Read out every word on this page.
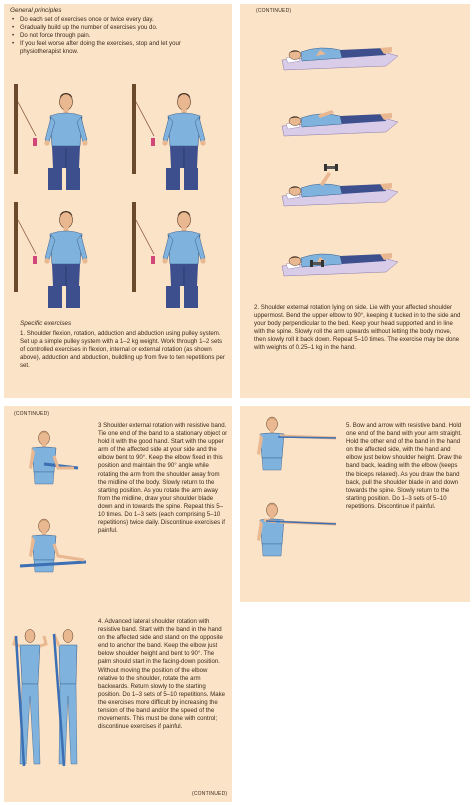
General principles
• Do each set of exercises once or twice every day.
• Gradually build up the number of exercises you do.
• Do not force through pain.
• If you feel worse after doing the exercises, stop and let your physiotherapist know.
Specific exercises
1. Shoulder flexion, rotation, adduction and abduction using pulley system. Set up a simple pulley system with a 1–2 kg weight. Work through 1–2 sets of controlled exercises in flexion, internal or external rotation (as shown above), adduction and abduction, buildling up from five to ten repetitions per set.
(CONTINUED)
2. Shoulder external rotation lying on side. Lie with your affected shoulder uppermost. Bend the upper elbow to 90°, keeping it tucked in to the side and your body perpendicular to the bed. Keep your head supported and in line with the spine. Slowly roll the arm upwards without letting the body move, then slowly roll it back down. Repeat 5–10 times. The exercise may be done with weights of 0.25–1 kg in the hand.
(CONTINUED)
3 Shoulder external rotation with resistive band. Tie one end of the band to a stationary object or hold it with the good hand. Start with the upper arm of the affected side at your side and the elbow bent to 90°. Keep the elbow fixed in this position and maintain the 90° angle while rotating the arm from the shoulder away from the midline of the body. Slowly return to the starting position. As you rotate the arm away from the midline, draw your shoulder blade down and in towards the spine. Repeat this 5–10 times. Do 1–3 sets (each comprising 5–10 repetitions) twice daily. Discontinue exercises if painful.
4. Advanced lateral shoulder rotation with resistive band. Start with the band in the hand on the affected side and stand on the opposite end to anchor the band. Keep the elbow just below shoulder height and bent to 90°. The palm should start in the facing-down position. Without moving the position of the elbow relative to the shoulder, rotate the arm backwards. Return slowly to the starting position. Do 1–3 sets of 5–10 repetitions. Make the exercises more difficult by increasing the tension of the band and/or the speed of the movements. This must be done with control; discontinue exercises if painful.
(CONTINUED)
5. Bow and arrow with resistive band. Hold one end of the band with your arm straight. Hold the other end of the band in the hand on the affected side, with the hand and elbow just below shoulder height. Draw the band back, leading with the elbow (keeps the biceps relaxed). As you draw the band back, pull the shoulder blade in and down towards the spine. Slowly return to the starting position. Do 1–3 sets of 5–10 repetitions. Discontinue if painful.
